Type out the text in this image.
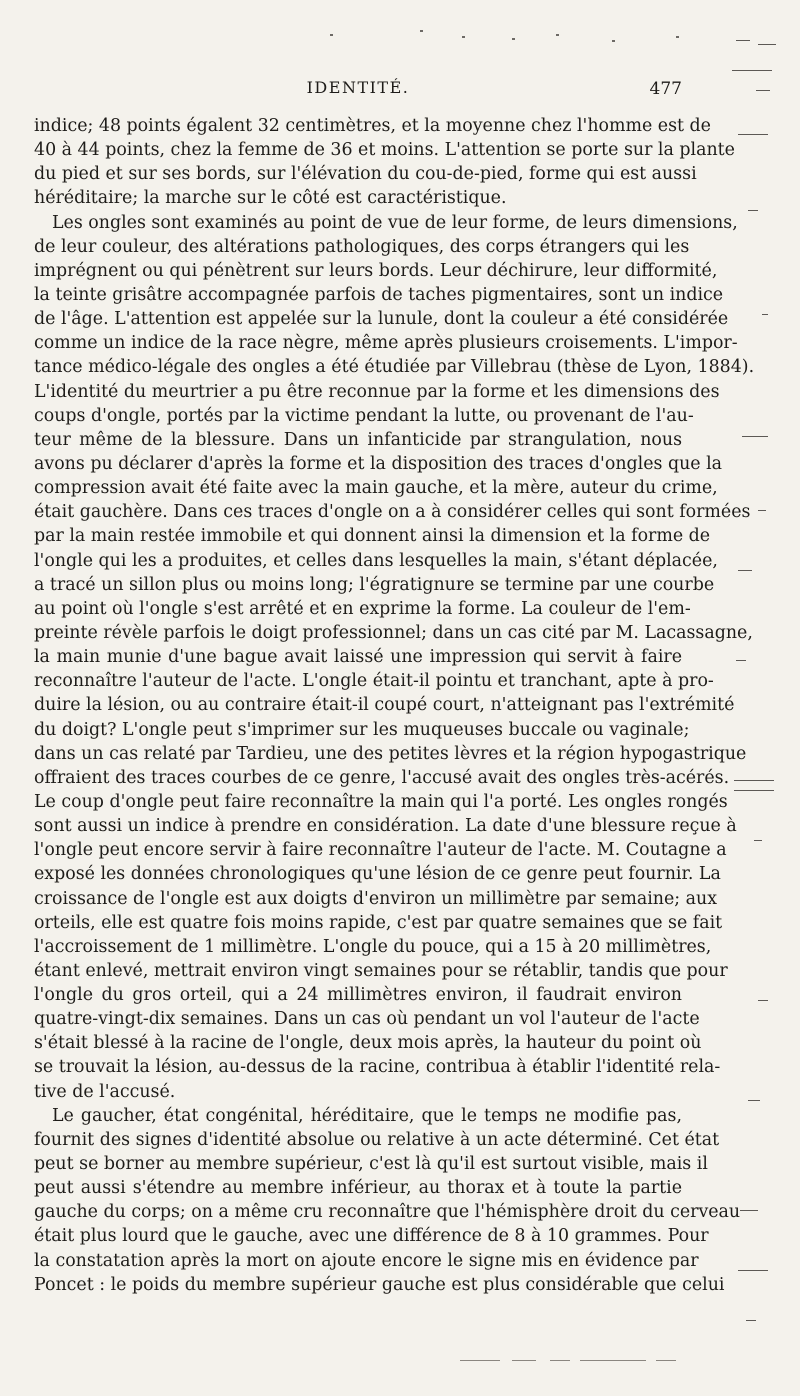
IDENTITÉ.	477
indice; 48 points égalent 32 centimètres, et la moyenne chez l'homme est de
40 à 44 points, chez la femme de 36 et moins. L'attention se porte sur la plante
du pied et sur ses bords, sur l'élévation du cou-de-pied, forme qui est aussi
héréditaire; la marche sur le côté est caractéristique.
Les ongles sont examinés au point de vue de leur forme, de leurs dimensions,
de leur couleur, des altérations pathologiques, des corps étrangers qui les
imprégnent ou qui pénètrent sur leurs bords. Leur déchirure, leur difformité,
la teinte grisâtre accompagnée parfois de taches pigmentaires, sont un indice
de l'âge. L'attention est appelée sur la lunule, dont la couleur a été considérée
comme un indice de la race nègre, même après plusieurs croisements. L'impor-
tance médico-légale des ongles a été étudiée par Villebrau (thèse de Lyon, 1884).
L'identité du meurtrier a pu être reconnue par la forme et les dimensions des
coups d'ongle, portés par la victime pendant la lutte, ou provenant de l'au-
teur même de la blessure. Dans un infanticide par strangulation, nous
avons pu déclarer d'après la forme et la disposition des traces d'ongles que la
compression avait été faite avec la main gauche, et la mère, auteur du crime,
était gauchère. Dans ces traces d'ongle on a à considérer celles qui sont formées
par la main restée immobile et qui donnent ainsi la dimension et la forme de
l'ongle qui les a produites, et celles dans lesquelles la main, s'étant déplacée,
a tracé un sillon plus ou moins long; l'égratignure se termine par une courbe
au point où l'ongle s'est arrêté et en exprime la forme. La couleur de l'em-
preinte révèle parfois le doigt professionnel; dans un cas cité par M. Lacassagne,
la main munie d'une bague avait laissé une impression qui servit à faire
reconnaître l'auteur de l'acte. L'ongle était-il pointu et tranchant, apte à pro-
duire la lésion, ou au contraire était-il coupé court, n'atteignant pas l'extrémité
du doigt? L'ongle peut s'imprimer sur les muqueuses buccale ou vaginale;
dans un cas relaté par Tardieu, une des petites lèvres et la région hypogastrique
offraient des traces courbes de ce genre, l'accusé avait des ongles très-acérés.
Le coup d'ongle peut faire reconnaître la main qui l'a porté. Les ongles rongés
sont aussi un indice à prendre en considération. La date d'une blessure reçue à
l'ongle peut encore servir à faire reconnaître l'auteur de l'acte. M. Coutagne a
exposé les données chronologiques qu'une lésion de ce genre peut fournir. La
croissance de l'ongle est aux doigts d'environ un millimètre par semaine; aux
orteils, elle est quatre fois moins rapide, c'est par quatre semaines que se fait
l'accroissement de 1 millimètre. L'ongle du pouce, qui a 15 à 20 millimètres,
étant enlevé, mettrait environ vingt semaines pour se rétablir, tandis que pour
l'ongle du gros orteil, qui a 24 millimètres environ, il faudrait environ
quatre-vingt-dix semaines. Dans un cas où pendant un vol l'auteur de l'acte
s'était blessé à la racine de l'ongle, deux mois après, la hauteur du point où
se trouvait la lésion, au-dessus de la racine, contribua à établir l'identité rela-
tive de l'accusé.
Le gaucher, état congénital, héréditaire, que le temps ne modifie pas,
fournit des signes d'identité absolue ou relative à un acte déterminé. Cet état
peut se borner au membre supérieur, c'est là qu'il est surtout visible, mais il
peut aussi s'étendre au membre inférieur, au thorax et à toute la partie
gauche du corps; on a même cru reconnaître que l'hémisphère droit du cerveau
était plus lourd que le gauche, avec une différence de 8 à 10 grammes. Pour
la constatation après la mort on ajoute encore le signe mis en évidence par
Poncet : le poids du membre supérieur gauche est plus considérable que celui
